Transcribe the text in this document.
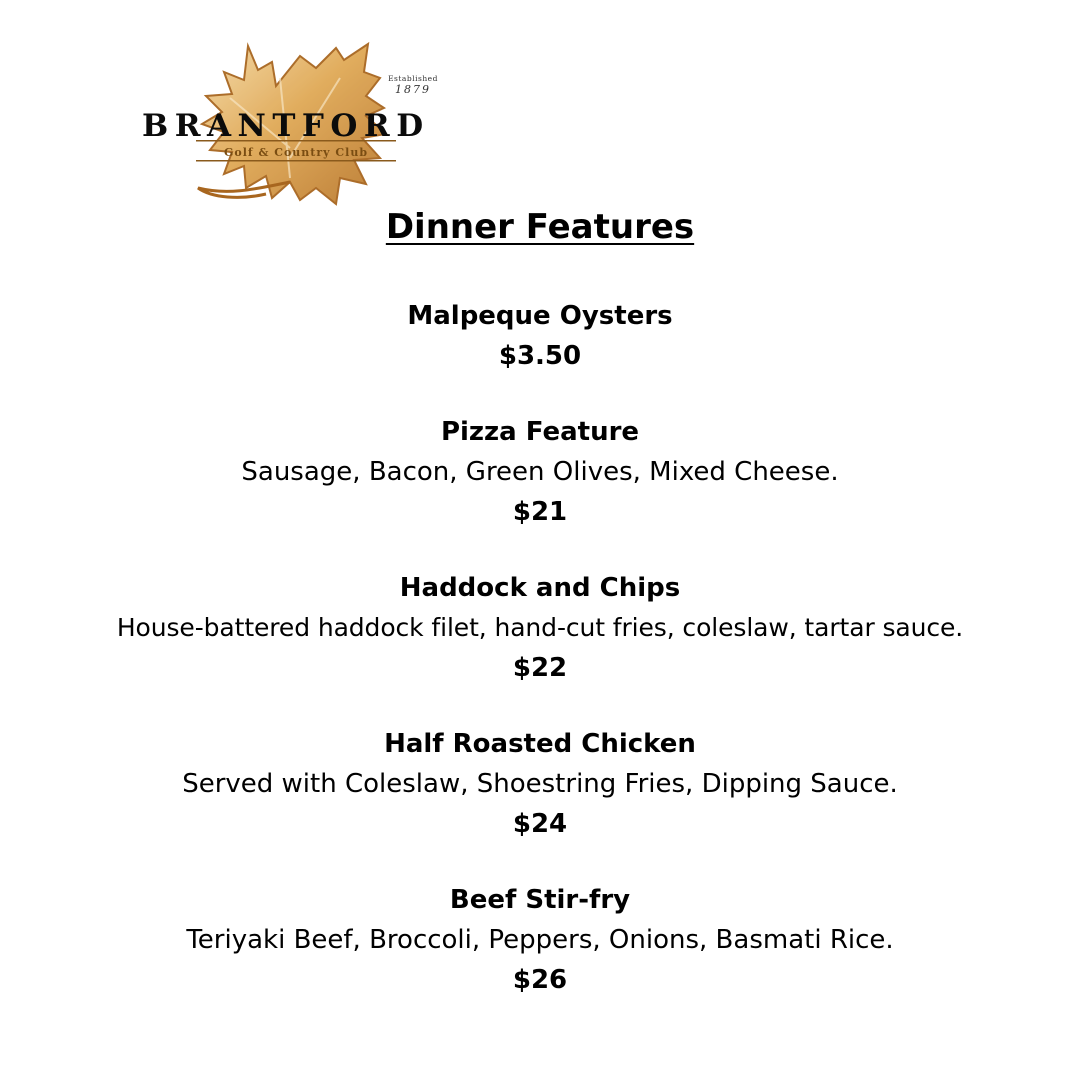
BRANTFORD
Golf & Country Club
Established
1879
Dinner Features
Malpeque Oysters
$3.50
Pizza Feature
Sausage, Bacon, Green Olives, Mixed Cheese.
$21
Haddock and Chips
House-battered haddock filet, hand-cut fries, coleslaw, tartar sauce.
$22
Half Roasted Chicken
Served with Coleslaw, Shoestring Fries, Dipping Sauce.
$24
Beef Stir-fry
Teriyaki Beef, Broccoli, Peppers, Onions, Basmati Rice.
$26
